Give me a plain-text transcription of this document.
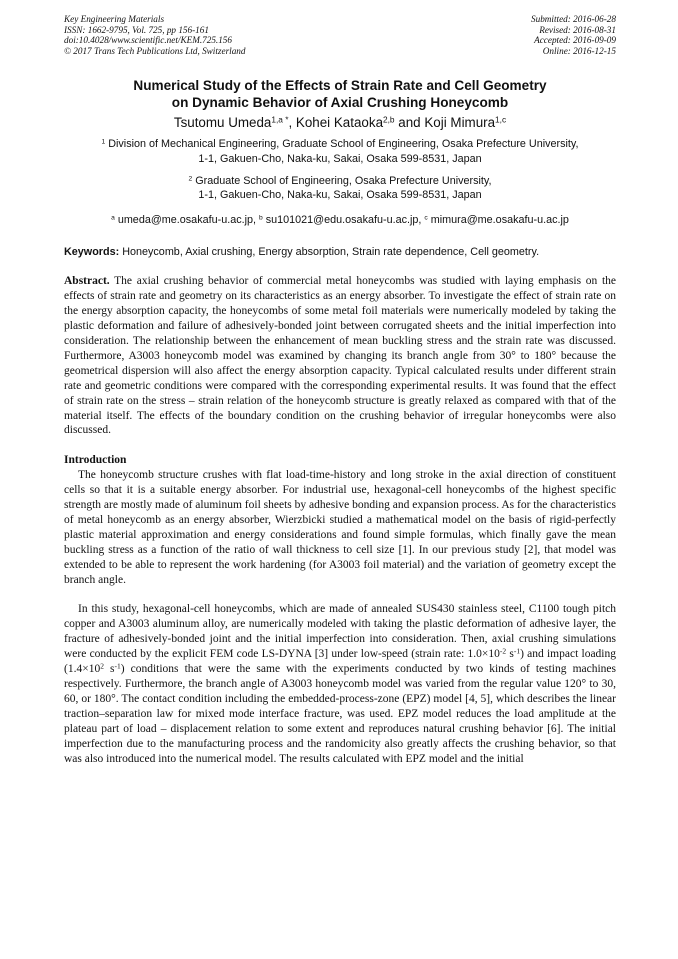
Key Engineering Materials
ISSN: 1662-9795, Vol. 725, pp 156-161
doi:10.4028/www.scientific.net/KEM.725.156
© 2017 Trans Tech Publications Ltd, Switzerland
Submitted: 2016-06-28
Revised: 2016-08-31
Accepted: 2016-09-09
Online: 2016-12-15
Numerical Study of the Effects of Strain Rate and Cell Geometry
on Dynamic Behavior of Axial Crushing Honeycomb
Tsutomu Umeda$^{1,a *}$, Kohei Kataoka$^{2,b}$ and Koji Mimura$^{1,c}$
$^1$ Division of Mechanical Engineering, Graduate School of Engineering, Osaka Prefecture University,
1-1, Gakuen-Cho, Naka-ku, Sakai, Osaka 599-8531, Japan
$^2$ Graduate School of Engineering, Osaka Prefecture University,
1-1, Gakuen-Cho, Naka-ku, Sakai, Osaka 599-8531, Japan
$^a$ umeda@me.osakafu-u.ac.jp, $^b$ su101021@edu.osakafu-u.ac.jp, $^c$ mimura@me.osakafu-u.ac.jp
Keywords: Honeycomb, Axial crushing, Energy absorption, Strain rate dependence, Cell geometry.
Abstract. The axial crushing behavior of commercial metal honeycombs was studied with laying emphasis on the effects of strain rate and geometry on its characteristics as an energy absorber. To investigate the effect of strain rate on the energy absorption capacity, the honeycombs of some metal foil materials were numerically modeled by taking the plastic deformation and failure of adhesively-bonded joint between corrugated sheets and the initial imperfection into consideration. The relationship between the enhancement of mean buckling stress and the strain rate was discussed. Furthermore, A3003 honeycomb model was examined by changing its branch angle from 30° to 180° because the geometrical dispersion will also affect the energy absorption capacity. Typical calculated results under different strain rate and geometric conditions were compared with the corresponding experimental results. It was found that the effect of strain rate on the stress – strain relation of the honeycomb structure is greatly relaxed as compared with that of the material itself. The effects of the boundary condition on the crushing behavior of irregular honeycombs were also discussed.
Introduction
The honeycomb structure crushes with flat load-time-history and long stroke in the axial direction of constituent cells so that it is a suitable energy absorber. For industrial use, hexagonal-cell honeycombs of the highest specific strength are mostly made of aluminum foil sheets by adhesive bonding and expansion process. As for the characteristics of metal honeycomb as an energy absorber, Wierzbicki studied a mathematical model on the basis of rigid-perfectly plastic material approximation and energy considerations and found simple formulas, which finally gave the mean buckling stress as a function of the ratio of wall thickness to cell size [1]. In our previous study [2], that model was extended to be able to represent the work hardening (for A3003 foil material) and the variation of geometry except the branch angle.
In this study, hexagonal-cell honeycombs, which are made of annealed SUS430 stainless steel, C1100 tough pitch copper and A3003 aluminum alloy, are numerically modeled with taking the plastic deformation of adhesive layer, the fracture of adhesively-bonded joint and the initial imperfection into consideration. Then, axial crushing simulations were conducted by the explicit FEM code LS-DYNA [3] under low-speed (strain rate: $1.0\times 10^{-2}$ $s^{-1}$) and impact loading ($1.4\times 10^2$ $s^{-1}$) conditions that were the same with the experiments conducted by two kinds of testing machines respectively. Furthermore, the branch angle of A3003 honeycomb model was varied from the regular value 120° to 30, 60, or 180°. The contact condition including the embedded-process-zone (EPZ) model [4, 5], which describes the linear traction–separation law for mixed mode interface fracture, was used. EPZ model reduces the load amplitude at the plateau part of load – displacement relation to some extent and reproduces natural crushing behavior [6]. The initial imperfection due to the manufacturing process and the randomicity also greatly affects the crushing behavior, so that was also introduced into the numerical model. The results calculated with EPZ model and the initial
